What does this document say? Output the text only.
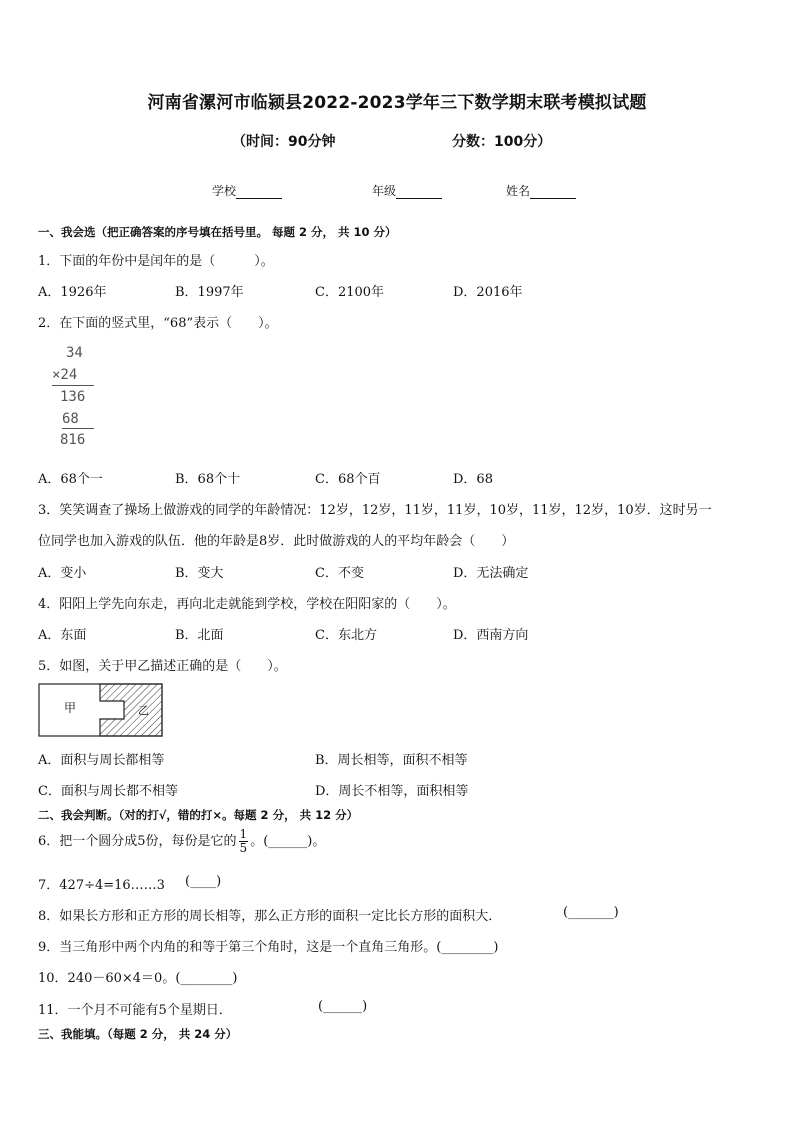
河南省漯河市临颍县2022-2023学年三下数学期末联考模拟试题
（时间：90分钟	分数：100分）
学校	年级	姓名
一、我会选（把正确答案的序号填在括号里。 每题 2 分， 共 10 分）
1．下面的年份中是闰年的是（　　　）。
A．1926年	B．1997年	C．2100年	D．2016年
2．在下面的竖式里，“68”表示（　　）。
34
×24
136
68
816
A．68个一	B．68个十	C．68个百	D．68
3．笑笑调查了操场上做游戏的同学的年龄情况：12岁，12岁，11岁，11岁，10岁，11岁，12岁，10岁．这时另一
位同学也加入游戏的队伍．他的年龄是8岁．此时做游戏的人的平均年龄会（　　）
A．变小	B．变大	C．不变	D．无法确定
4．阳阳上学先向东走，再向北走就能到学校，学校在阳阳家的（　　）。
A．东面	B．北面	C．东北方	D．西南方向
5．如图，关于甲乙描述正确的是（　　）。
甲	乙
A．面积与周长都相等	B．周长相等，面积不相等
C．面积与周长都不相等	D．周长不相等，面积相等
二、我会判断。（对的打√，错的打×。每题 2 分， 共 12 分）
6．把一个圆分成5份，每份是它的 $\frac{1}{5}$ 。(______)。
7．427÷4=16……3 (____)
8．如果长方形和正方形的周长相等，那么正方形的面积一定比长方形的面积大．	(_______)
9．当三角形中两个内角的和等于第三个角时，这是一个直角三角形。(________)
10．240－60×4＝0。(________)
11．一个月不可能有5个星期日．	(______)
三、我能填。（每题 2 分， 共 24 分）
